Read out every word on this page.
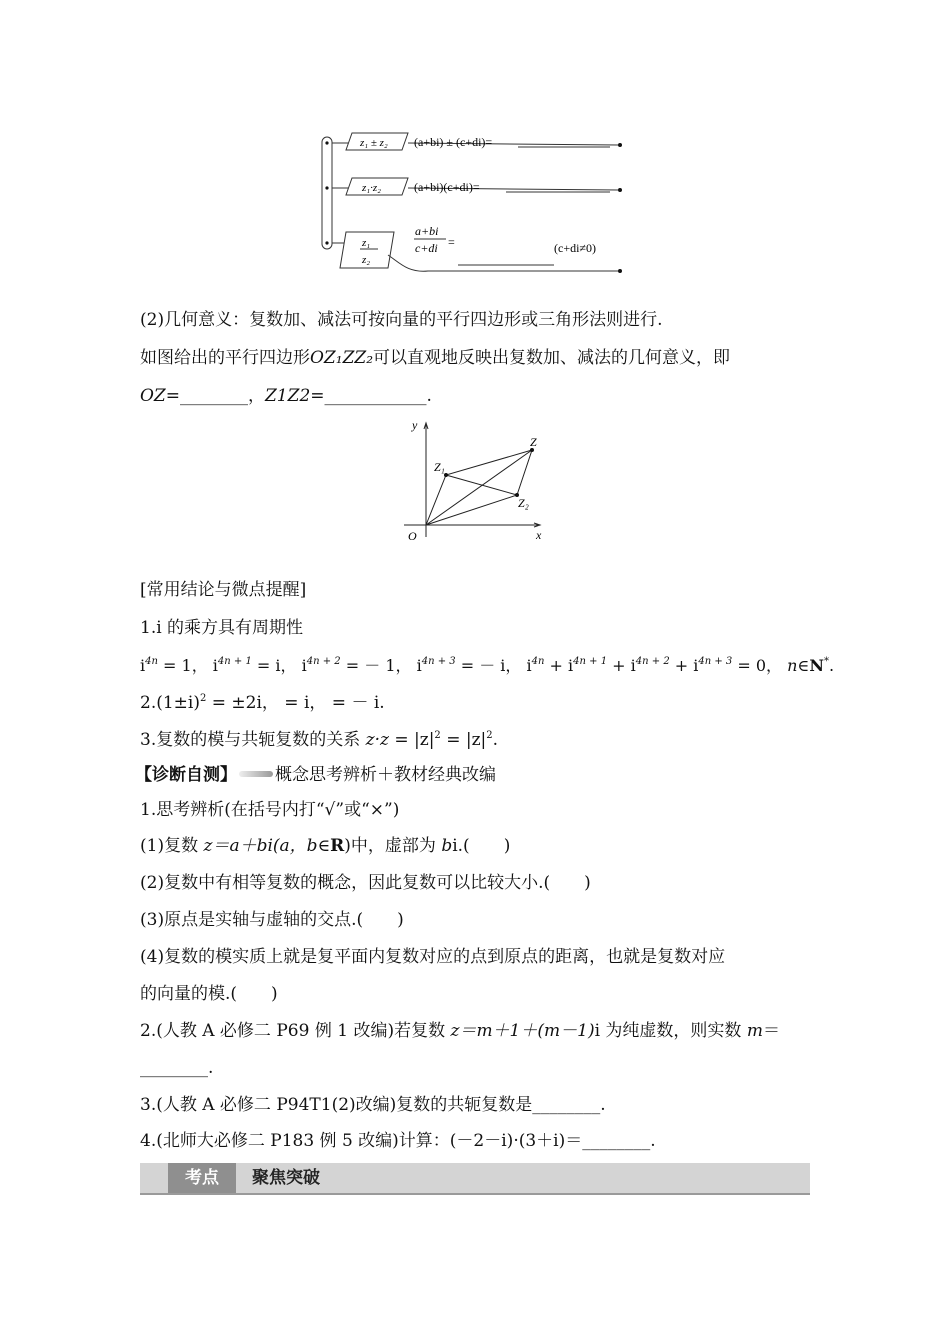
z₁ ± z₂ (a+bi) ± (c+di)=
z₁·z₂	(a+bi)(c+di)=
z₁
z₂
a+bi
c+di =	(c+di≠0)
(2)几何意义：复数加、减法可按向量的平行四边形或三角形法则进行.
如图给出的平行四边形OZ₁ZZ₂可以直观地反映出复数加、减法的几何意义，即
OZ=________，Z1Z2=____________.
y
x
O
Z
Z₁
Z₂
[常用结论与微点提醒]
1.i 的乘方具有周期性
$i^{4n} = 1$， $i^{4n + 1} = i$， $i^{4n + 2}$ = － 1， $i^{4n + 3}$ = － i， $i^{4n} + i^{4n + 1} + i^{4n + 2} + i^{4n + 3} = 0$， n∈N*.
$2.(1\pm i)^2 = \pm 2i$， = i， = － i.
3.复数的模与共轭复数的关系 $z\cdot z = |z|^2 = |z|^2$.
【诊断自测】 概念思考辨析＋教材经典改编
1.思考辨析(在括号内打“√”或“×”)
(1)复数 z＝a＋bi(a，b∈R)中，虚部为 bi.(　　)
(2)复数中有相等复数的概念，因此复数可以比较大小.(　　)
(3)原点是实轴与虚轴的交点.(　　)
(4)复数的模实质上就是复平面内复数对应的点到原点的距离，也就是复数对应
的向量的模.(　　)
2.(人教 A 必修二 P69 例 1 改编)若复数 z＝m＋1＋(m－1)i 为纯虚数，则实数 m＝
________.
3.(人教 A 必修二 P94T1(2)改编)复数的共轭复数是________.
4.(北师大必修二 P183 例 5 改编)计算：(－2－i)·(3＋i)＝________.
考点	聚焦突破
